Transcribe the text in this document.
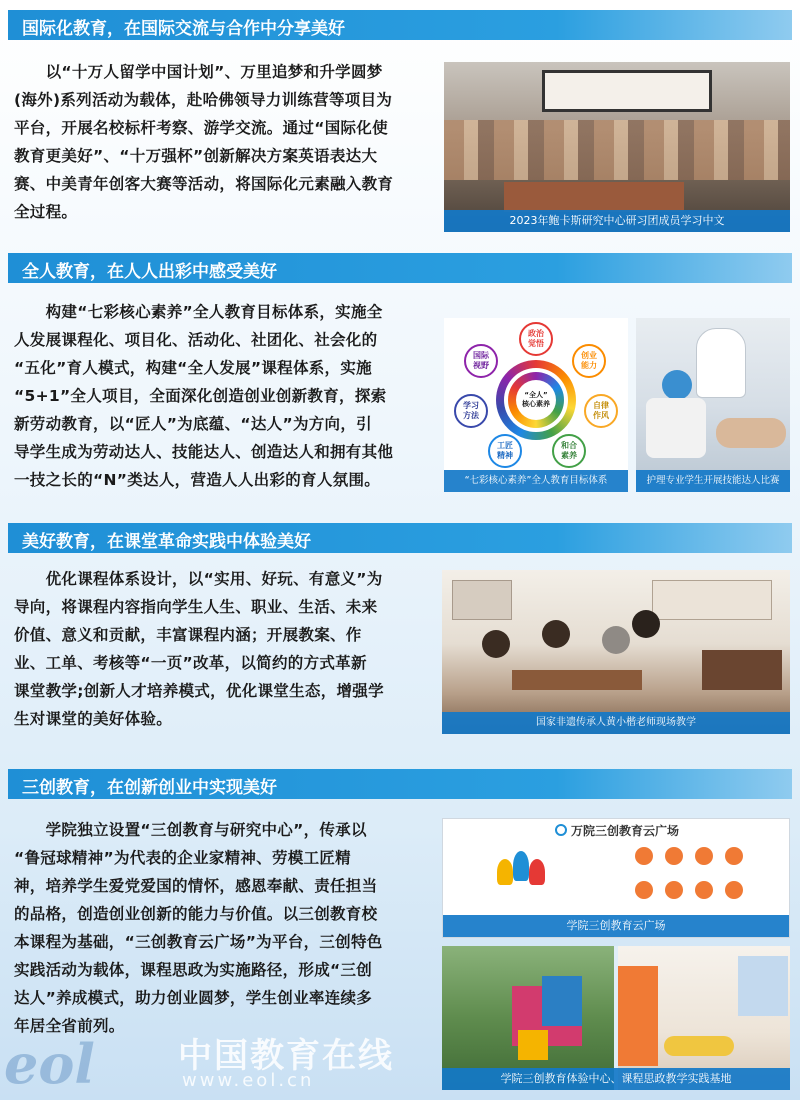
国际化教育，在国际交流与合作中分享美好
　　以“十万人留学中国计划”、万里追梦和升学圆梦
(海外)系列活动为载体，赴哈佛领导力训练营等项目为
平台，开展名校标杆考察、游学交流。通过“国际化使
教育更美好”、“十万强杯”创新解决方案英语表达大
赛、中美青年创客大赛等活动，将国际化元素融入教育
全过程。	2023年鲍卡斯研究中心研习团成员学习中文
全人教育，在人人出彩中感受美好
　　构建“七彩核心素养”全人教育目标体系，实施全
人发展课程化、项目化、活动化、社团化、社会化的
“五化”育人模式，构建“全人发展”课程体系，实施
“5+1”全人项目，全面深化创造创业创新教育，探索
新劳动教育，以“匠人”为底蕴、“达人”为方向，引
导学生成为劳动达人、技能达人、创造达人和拥有其他
一技之长的“N”类达人，营造人人出彩的育人氛围。
“全人”
核心素养
政治
觉悟
创业
能力
自律
作风
和合
素养
工匠
精神
学习
方法
国际
视野
“七彩核心素养”全人教育目标体系	护理专业学生开展技能达人比赛
美好教育，在课堂革命实践中体验美好
　　优化课程体系设计，以“实用、好玩、有意义”为
导向，将课程内容指向学生人生、职业、生活、未来
价值、意义和贡献，丰富课程内涵；开展教案、作
业、工单、考核等“一页”改革，以简约的方式革新
课堂教学;创新人才培养模式，优化课堂生态，增强学
生对课堂的美好体验。	国家非遗传承人黄小楷老师现场教学
三创教育，在创新创业中实现美好
　　学院独立设置“三创教育与研究中心”，传承以
“鲁冠球精神”为代表的企业家精神、劳模工匠精
神，培养学生爱党爱国的情怀，感恩奉献、责任担当
的品格，创造创业创新的能力与价值。以三创教育校
本课程为基础，“三创教育云广场”为平台，三创特色
实践活动为载体，课程思政为实施路径，形成“三创
达人”养成模式，助力创业圆梦，学生创业率连续多
年居全省前列。
万院三创教育云广场
学院三创教育云广场
学院三创教育体验中心、课程思政教学实践基地
eol 中国教育在线
www.eol.cn
